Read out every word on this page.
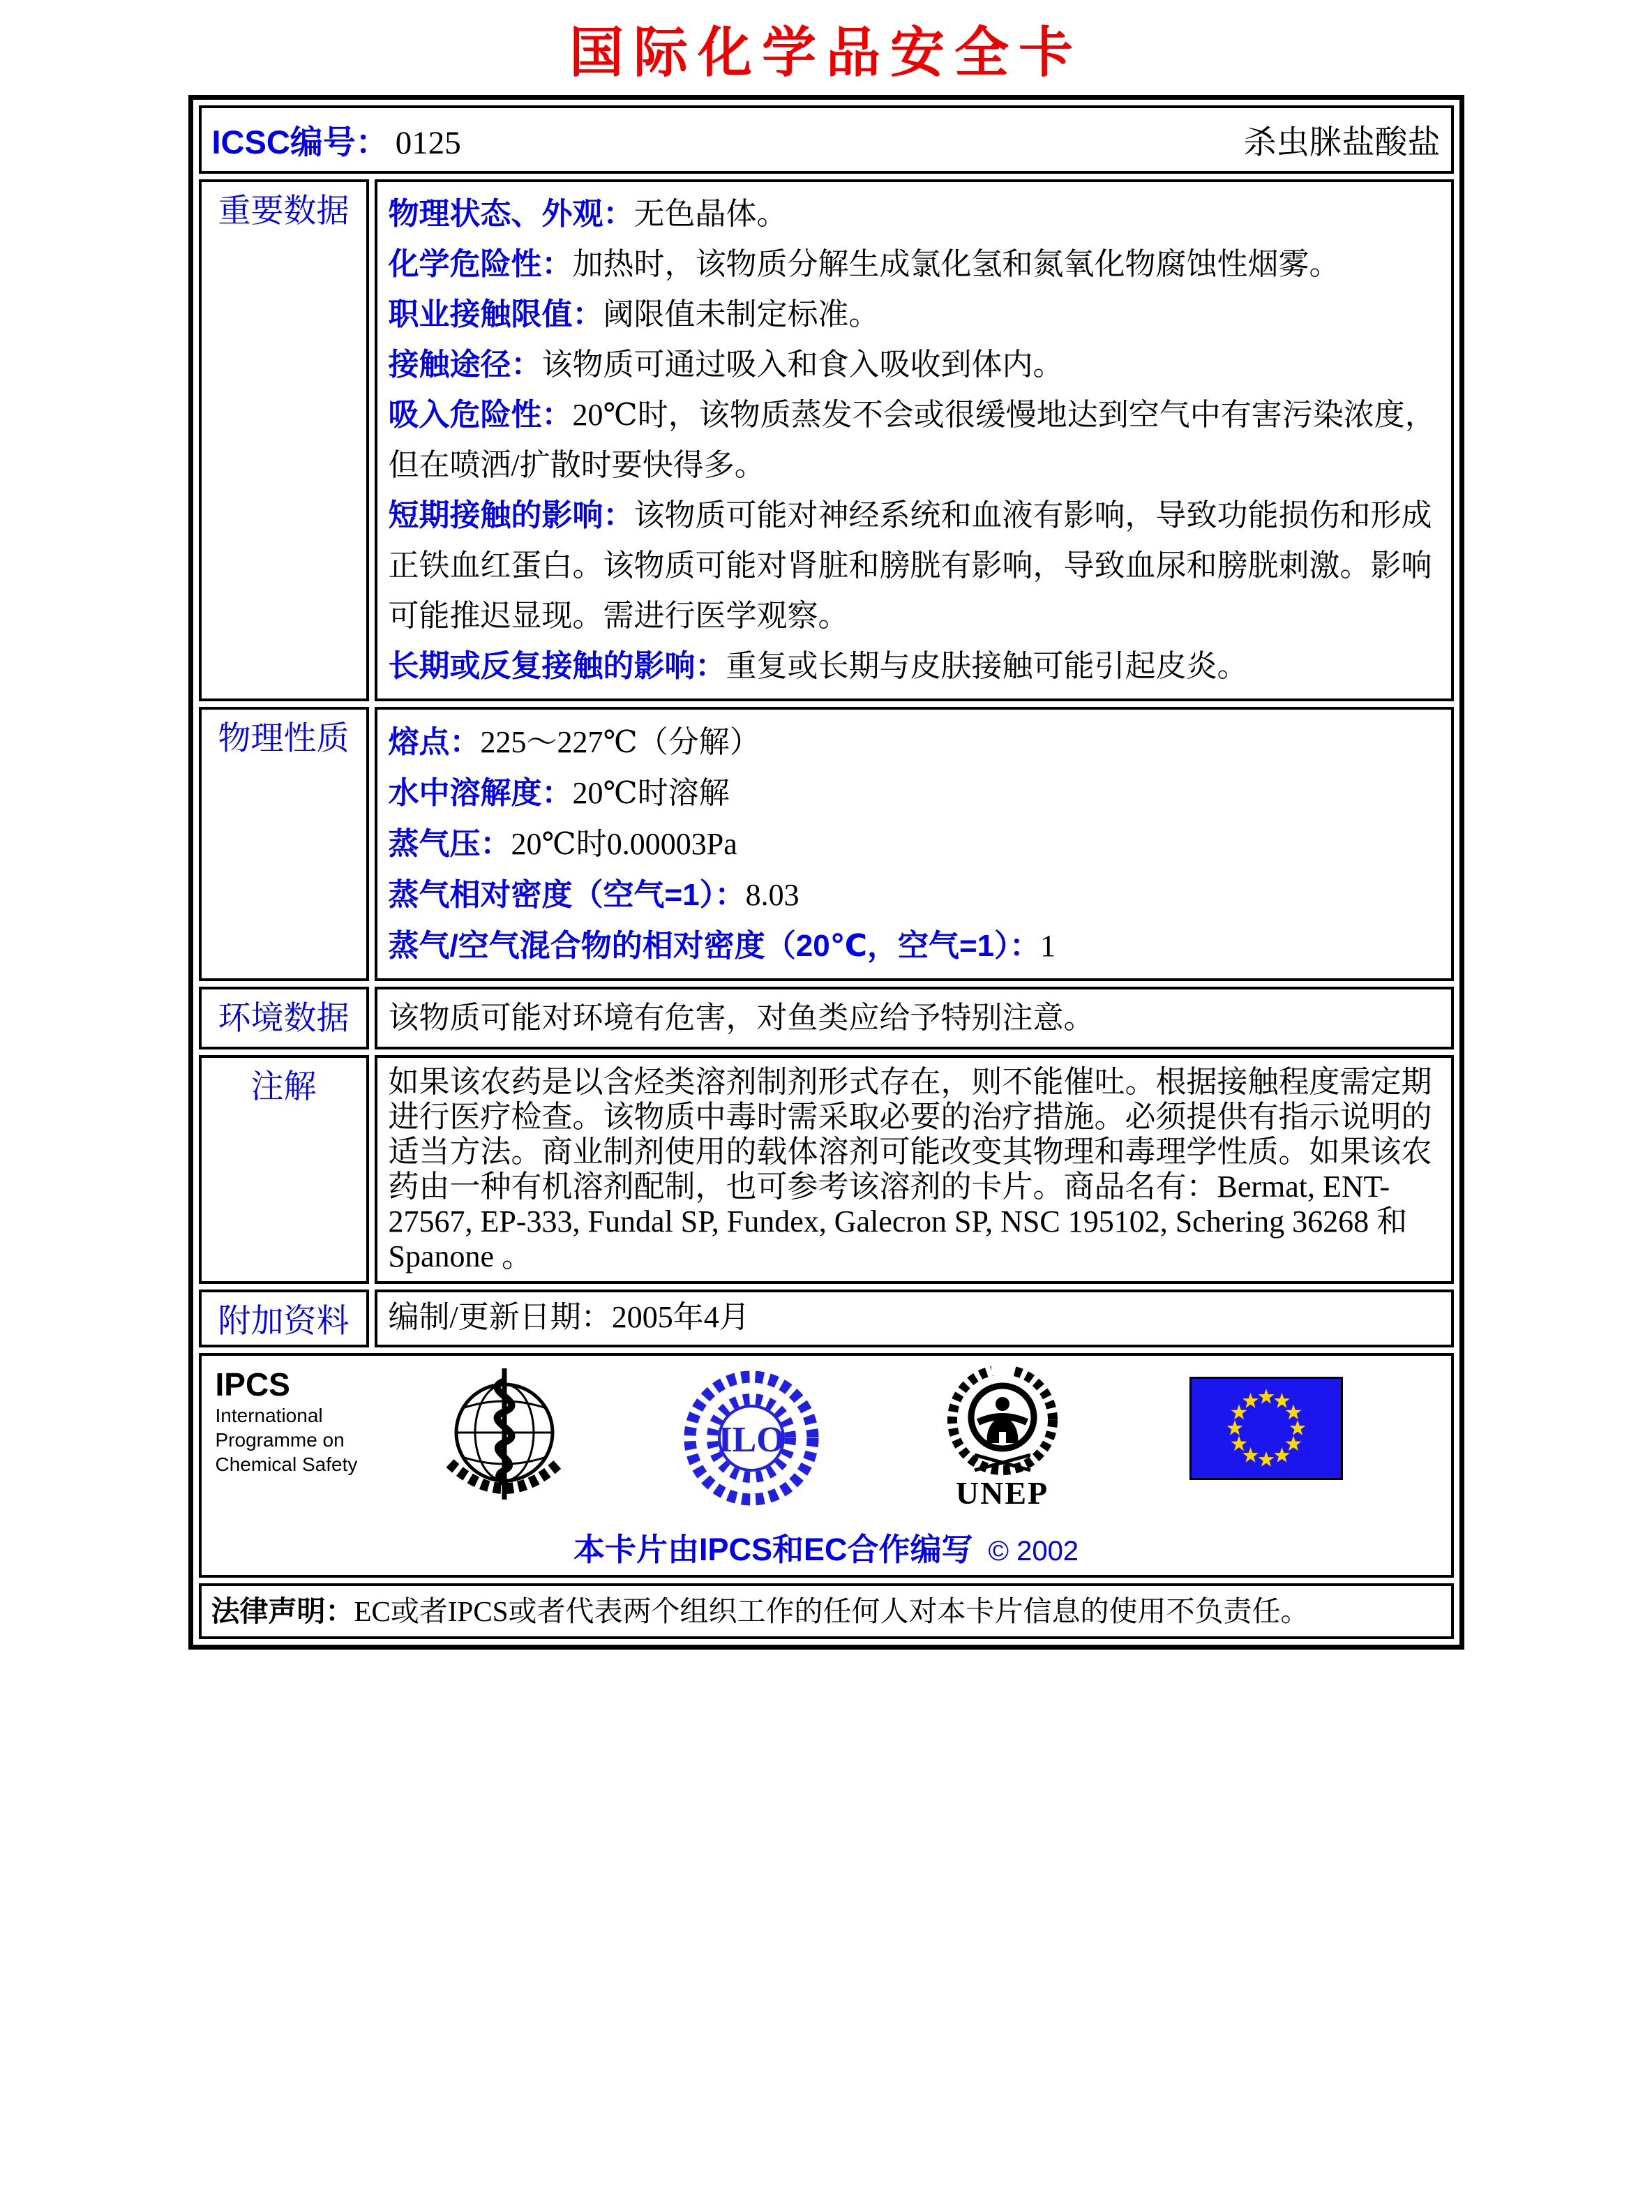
国际化学品安全卡
ICSC编号： 0125 杀虫脒盐酸盐	

重要数据	物理状态、外观：无色晶体。

化学危险性：加热时，该物质分解生成氯化氢和氮氧化物腐蚀性烟雾。

职业接触限值：阈限值未制定标准。

接触途径：该物质可通过吸入和食入吸收到体内。

吸入危险性：20℃时，该物质蒸发不会或很缓慢地达到空气中有害污染浓度，但在喷洒/扩散时要快得多。

短期接触的影响：该物质可能对神经系统和血液有影响，导致功能损伤和形成正铁血红蛋白。该物质可能对肾脏和膀胱有影响，导致血尿和膀胱刺激。影响可能推迟显现。需进行医学观察。

长期或反复接触的影响：重复或长期与皮肤接触可能引起皮炎。

物理性质	熔点：225～227℃（分解）

水中溶解度：20℃时溶解

蒸气压：20℃时0.00003Pa

蒸气相对密度（空气=1）：8.03

蒸气/空气混合物的相对密度（20℃，空气=1）：1

环境数据	该物质可能对环境有危害，对鱼类应给予特别注意。
注解	如果该农药是以含烃类溶剂制剂形式存在，则不能催吐。根据接触程度需定期进行医疗检查。该物质中毒时需采取必要的治疗措施。必须提供有指示说明的适当方法。商业制剂使用的载体溶剂可能改变其物理和毒理学性质。如果该农药由一种有机溶剂配制，也可参考该溶剂的卡片。商品名有：Bermat, ENT-27567, EP-333, Fundal SP, Fundex, Galecron SP, NSC 195102, Schering 36268 和 Spanone 。
附加资料	编制/更新日期：2005年4月

IPCS
International
Programme on
Chemical Safety
ILO
UNEP
本卡片由IPCS和EC合作编写 © 2002

法律声明：EC或者IPCS或者代表两个组织工作的任何人对本卡片信息的使用不负责任。	
